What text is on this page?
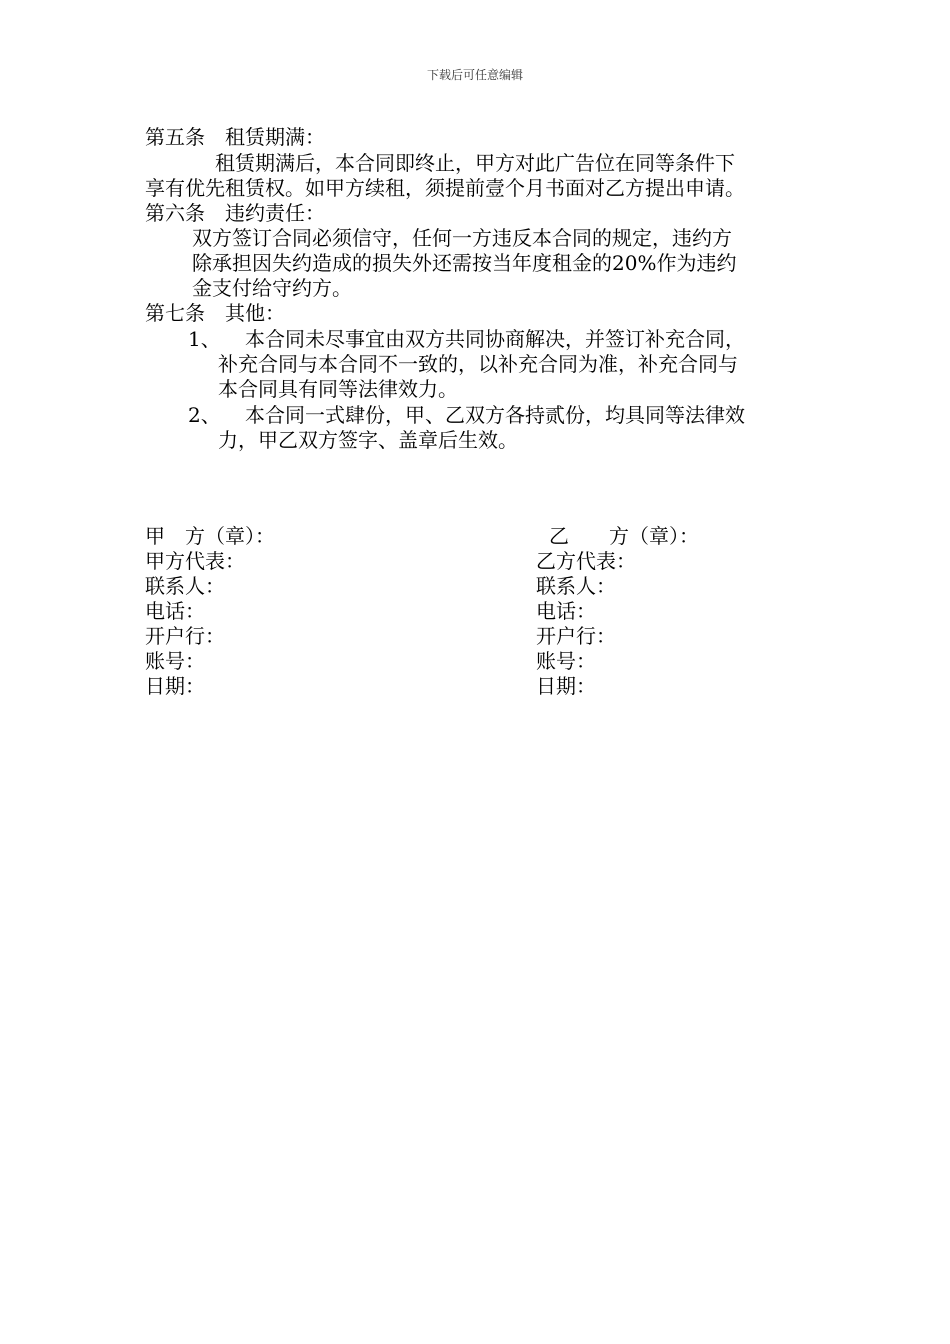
下载后可任意编辑
第五条　租赁期满：
租赁期满后，本合同即终止，甲方对此广告位在同等条件下
享有优先租赁权。如甲方续租，须提前壹个月书面对乙方提出申请。
第六条　违约责任：
双方签订合同必须信守，任何一方违反本合同的规定，违约方
除承担因失约造成的损失外还需按当年度租金的20%作为违约
金支付给守约方。
第七条　其他：
1、 本合同未尽事宜由双方共同协商解决，并签订补充合同，
补充合同与本合同不一致的，以补充合同为准，补充合同与
本合同具有同等法律效力。
2、 本合同一式肆份，甲、乙双方各持贰份，均具同等法律效
力，甲乙双方签字、盖章后生效。
甲　方（章）：
甲方代表：
联系人：
电话：
开户行：
账号：
日期：
乙　　方（章）：
乙方代表：
联系人：
电话：
开户行：
账号：
日期：
